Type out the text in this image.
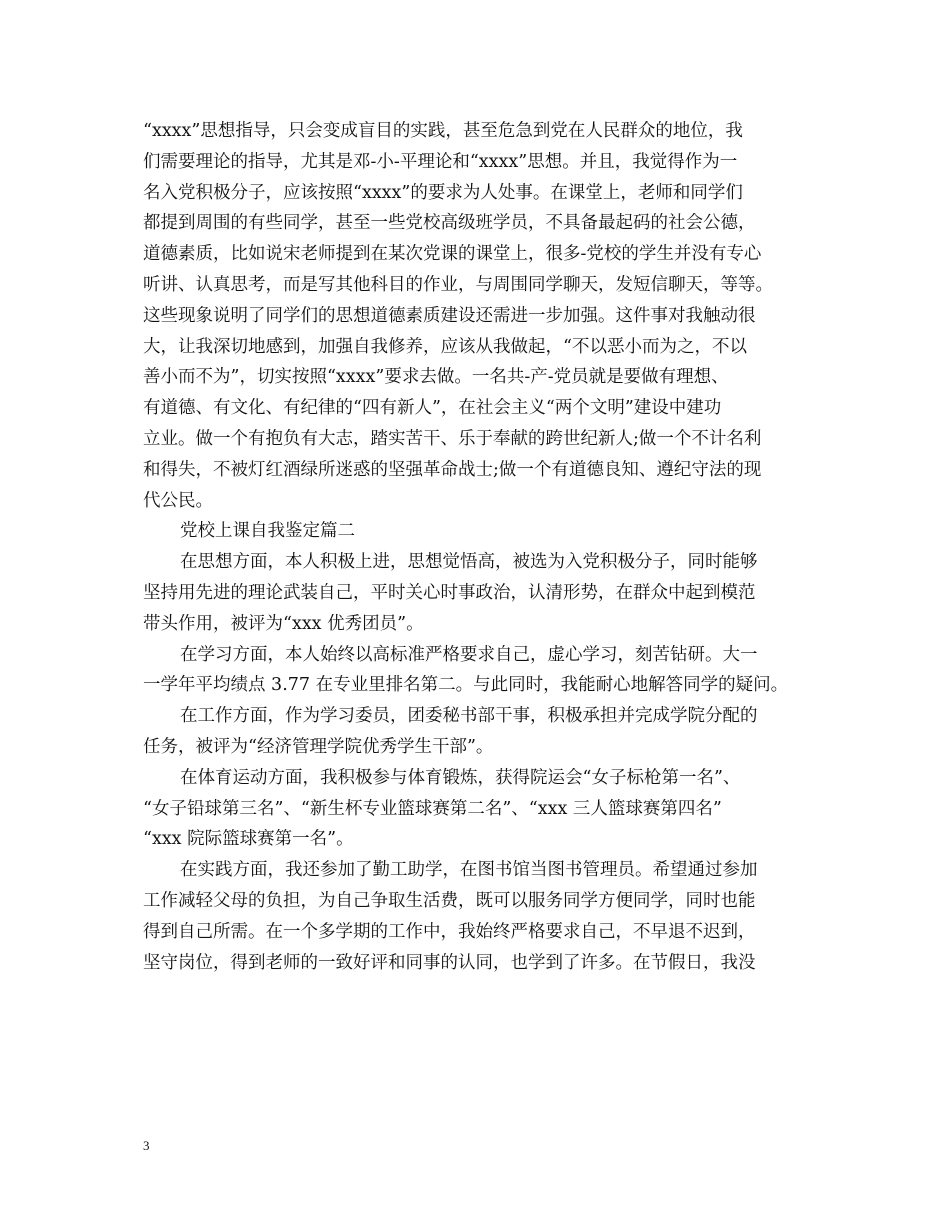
“xxxx”思想指导，只会变成盲目的实践，甚至危急到党在人民群众的地位，我
们需要理论的指导，尤其是邓-小-平理论和“xxxx”思想。并且，我觉得作为一
名入党积极分子，应该按照“xxxx”的要求为人处事。在课堂上，老师和同学们
都提到周围的有些同学，甚至一些党校高级班学员，不具备最起码的社会公德，
道德素质，比如说宋老师提到在某次党课的课堂上，很多-党校的学生并没有专心
听讲、认真思考，而是写其他科目的作业，与周围同学聊天，发短信聊天，等等。
这些现象说明了同学们的思想道德素质建设还需进一步加强。这件事对我触动很
大，让我深切地感到，加强自我修养，应该从我做起，“不以恶小而为之，不以
善小而不为”，切实按照“xxxx”要求去做。一名共-产-党员就是要做有理想、
有道德、有文化、有纪律的“四有新人”，在社会主义“两个文明”建设中建功
立业。做一个有抱负有大志，踏实苦干、乐于奉献的跨世纪新人;做一个不计名利
和得失，不被灯红酒绿所迷惑的坚强革命战士;做一个有道德良知、遵纪守法的现
代公民。
党校上课自我鉴定篇二
在思想方面，本人积极上进，思想觉悟高，被选为入党积极分子，同时能够
坚持用先进的理论武装自己，平时关心时事政治，认清形势，在群众中起到模范
带头作用，被评为“xxx 优秀团员”。
在学习方面，本人始终以高标准严格要求自己，虚心学习，刻苦钻研。大一
一学年平均绩点 3.77 在专业里排名第二。与此同时，我能耐心地解答同学的疑问。
在工作方面，作为学习委员，团委秘书部干事，积极承担并完成学院分配的
任务，被评为“经济管理学院优秀学生干部”。
在体育运动方面，我积极参与体育锻炼，获得院运会“女子标枪第一名”、
“女子铅球第三名”、“新生杯专业篮球赛第二名”、“xxx 三人篮球赛第四名”
“xxx 院际篮球赛第一名”。
在实践方面，我还参加了勤工助学，在图书馆当图书管理员。希望通过参加
工作减轻父母的负担，为自己争取生活费，既可以服务同学方便同学，同时也能
得到自己所需。在一个多学期的工作中，我始终严格要求自己，不早退不迟到，
坚守岗位，得到老师的一致好评和同事的认同，也学到了许多。在节假日，我没
3
